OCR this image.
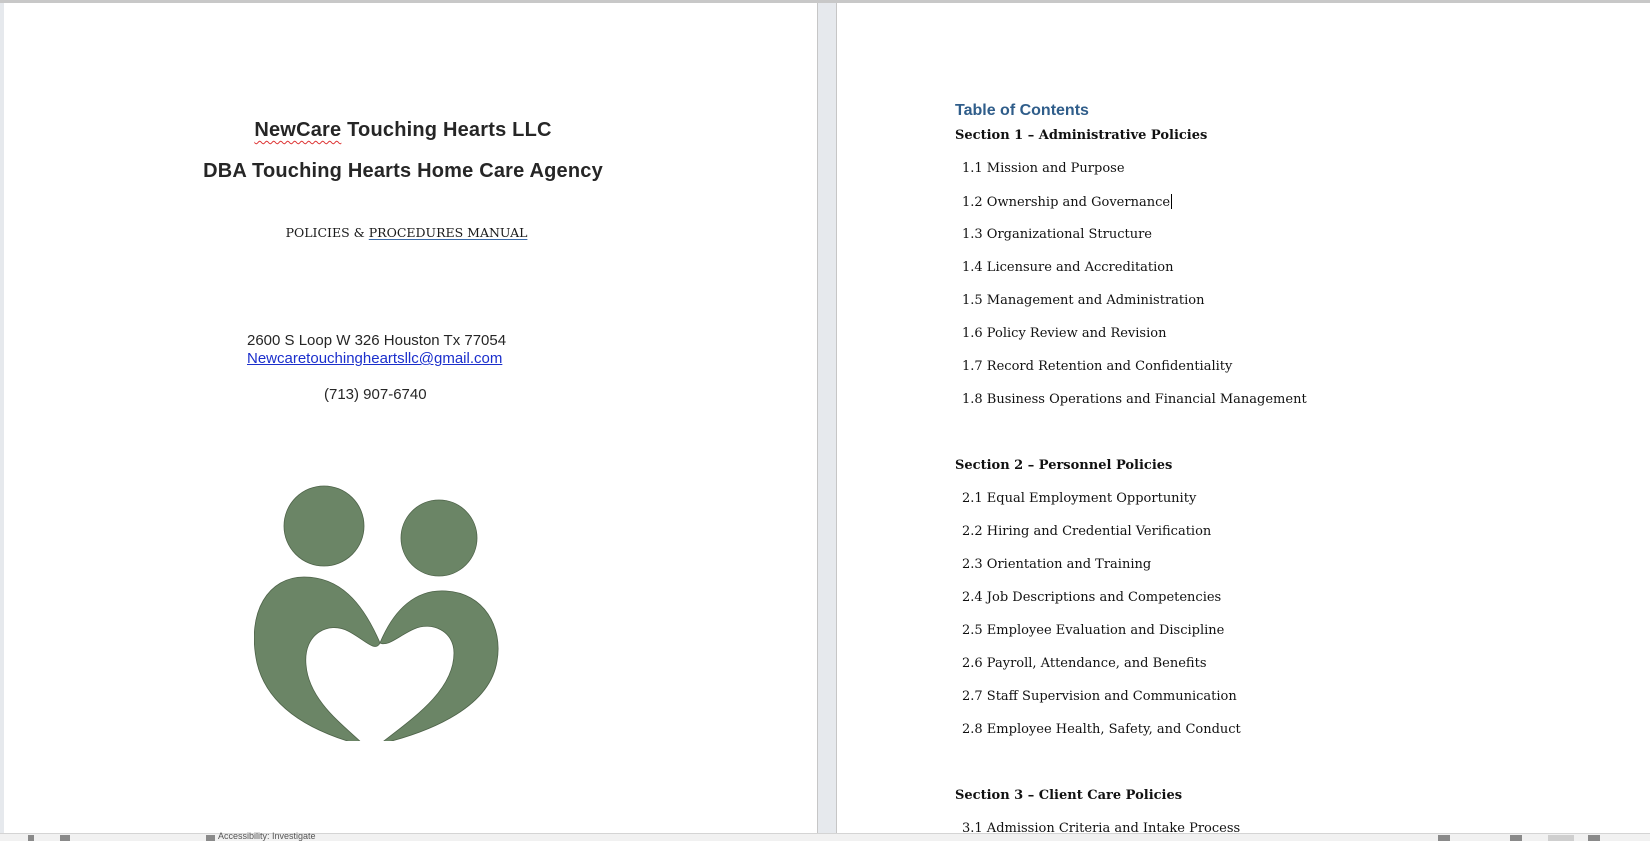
NewCare Touching Hearts LLC
DBA Touching Hearts Home Care Agency
POLICIES & PROCEDURES MANUAL
2600 S Loop W 326 Houston Tx 77054
Newcaretouchingheartsllc@gmail.com
(713) 907-6740
Table of Contents
Section 1 – Administrative Policies
1.1 Mission and Purpose
1.2 Ownership and Governance
1.3 Organizational Structure
1.4 Licensure and Accreditation
1.5 Management and Administration
1.6 Policy Review and Revision
1.7 Record Retention and Confidentiality
1.8 Business Operations and Financial Management
Section 2 – Personnel Policies
2.1 Equal Employment Opportunity
2.2 Hiring and Credential Verification
2.3 Orientation and Training
2.4 Job Descriptions and Competencies
2.5 Employee Evaluation and Discipline
2.6 Payroll, Attendance, and Benefits
2.7 Staff Supervision and Communication
2.8 Employee Health, Safety, and Conduct
Section 3 – Client Care Policies
3.1 Admission Criteria and Intake Process
Accessibility: Investigate
